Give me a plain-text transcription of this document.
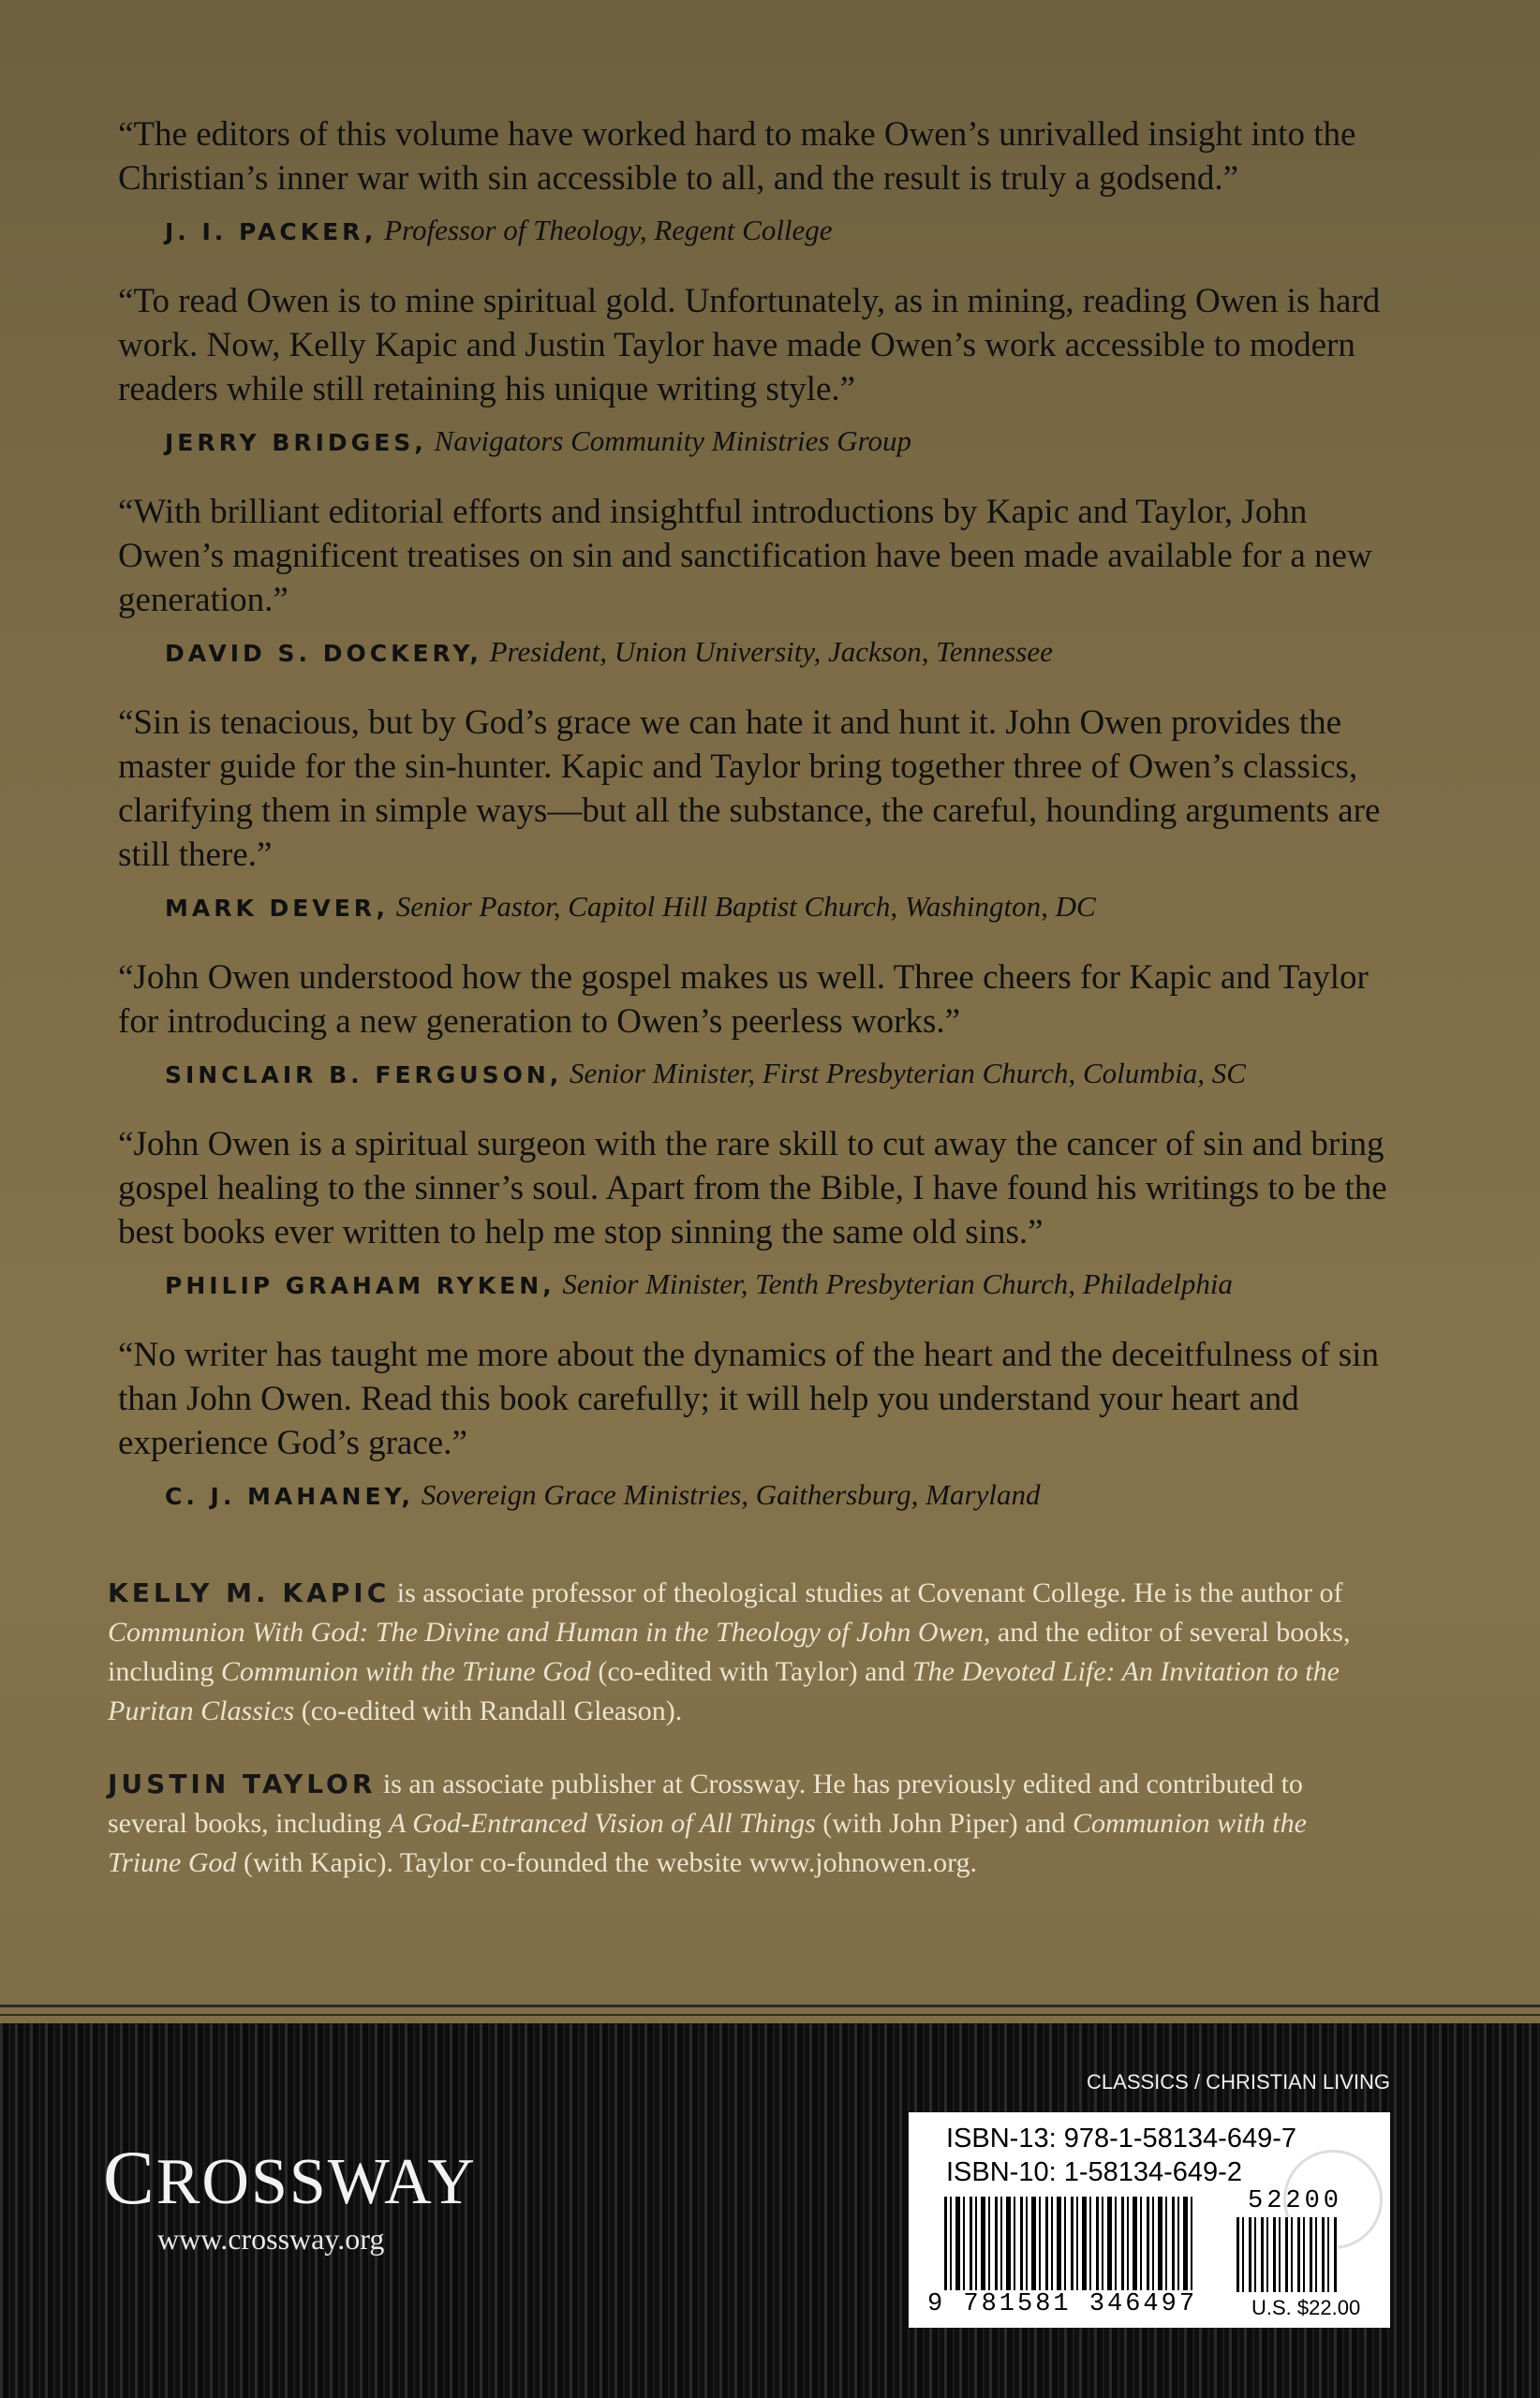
“The editors of this volume have worked hard to make Owen’s unrivalled insight into the Christian’s inner war with sin accessible to all, and the result is truly a godsend.”
J. I. PACKER, Professor of Theology, Regent College
“To read Owen is to mine spiritual gold. Unfortunately, as in mining, reading Owen is hard work. Now, Kelly Kapic and Justin Taylor have made Owen’s work accessible to modern readers while still retaining his unique writing style.”
JERRY BRIDGES, Navigators Community Ministries Group
“With brilliant editorial efforts and insightful introductions by Kapic and Taylor, John Owen’s magnificent treatises on sin and sanctification have been made available for a new generation.”
DAVID S. DOCKERY, President, Union University, Jackson, Tennessee
“Sin is tenacious, but by God’s grace we can hate it and hunt it. John Owen provides the master guide for the sin-hunter. Kapic and Taylor bring together three of Owen’s classics, clarifying them in simple ways—but all the substance, the careful, hounding arguments are still there.”
MARK DEVER, Senior Pastor, Capitol Hill Baptist Church, Washington, DC
“John Owen understood how the gospel makes us well. Three cheers for Kapic and Taylor for introducing a new generation to Owen’s peerless works.”
SINCLAIR B. FERGUSON, Senior Minister, First Presbyterian Church, Columbia, SC
“John Owen is a spiritual surgeon with the rare skill to cut away the cancer of sin and bring gospel healing to the sinner’s soul. Apart from the Bible, I have found his writings to be the best books ever written to help me stop sinning the same old sins.”
PHILIP GRAHAM RYKEN, Senior Minister, Tenth Presbyterian Church, Philadelphia
“No writer has taught me more about the dynamics of the heart and the deceitfulness of sin than John Owen. Read this book carefully; it will help you understand your heart and experience God’s grace.”
C. J. MAHANEY, Sovereign Grace Ministries, Gaithersburg, Maryland
KELLY M. KAPIC is associate professor of theological studies at Covenant College. He is the author of Communion With God: The Divine and Human in the Theology of John Owen, and the editor of several books, including Communion with the Triune God (co-edited with Taylor) and The Devoted Life: An Invitation to the Puritan Classics (co-edited with Randall Gleason).
JUSTIN TAYLOR is an associate publisher at Crossway. He has previously edited and contributed to several books, including A God-Entranced Vision of All Things (with John Piper) and Communion with the Triune God (with Kapic). Taylor co-founded the website www.johnowen.org.
CROSSWAY
www.crossway.org
CLASSICS / CHRISTIAN LIVING
ISBN-13: 978-1-58134-649-7
ISBN-10: 1-58134-649-2
52200
9 781581 346497	U.S. $22.00
